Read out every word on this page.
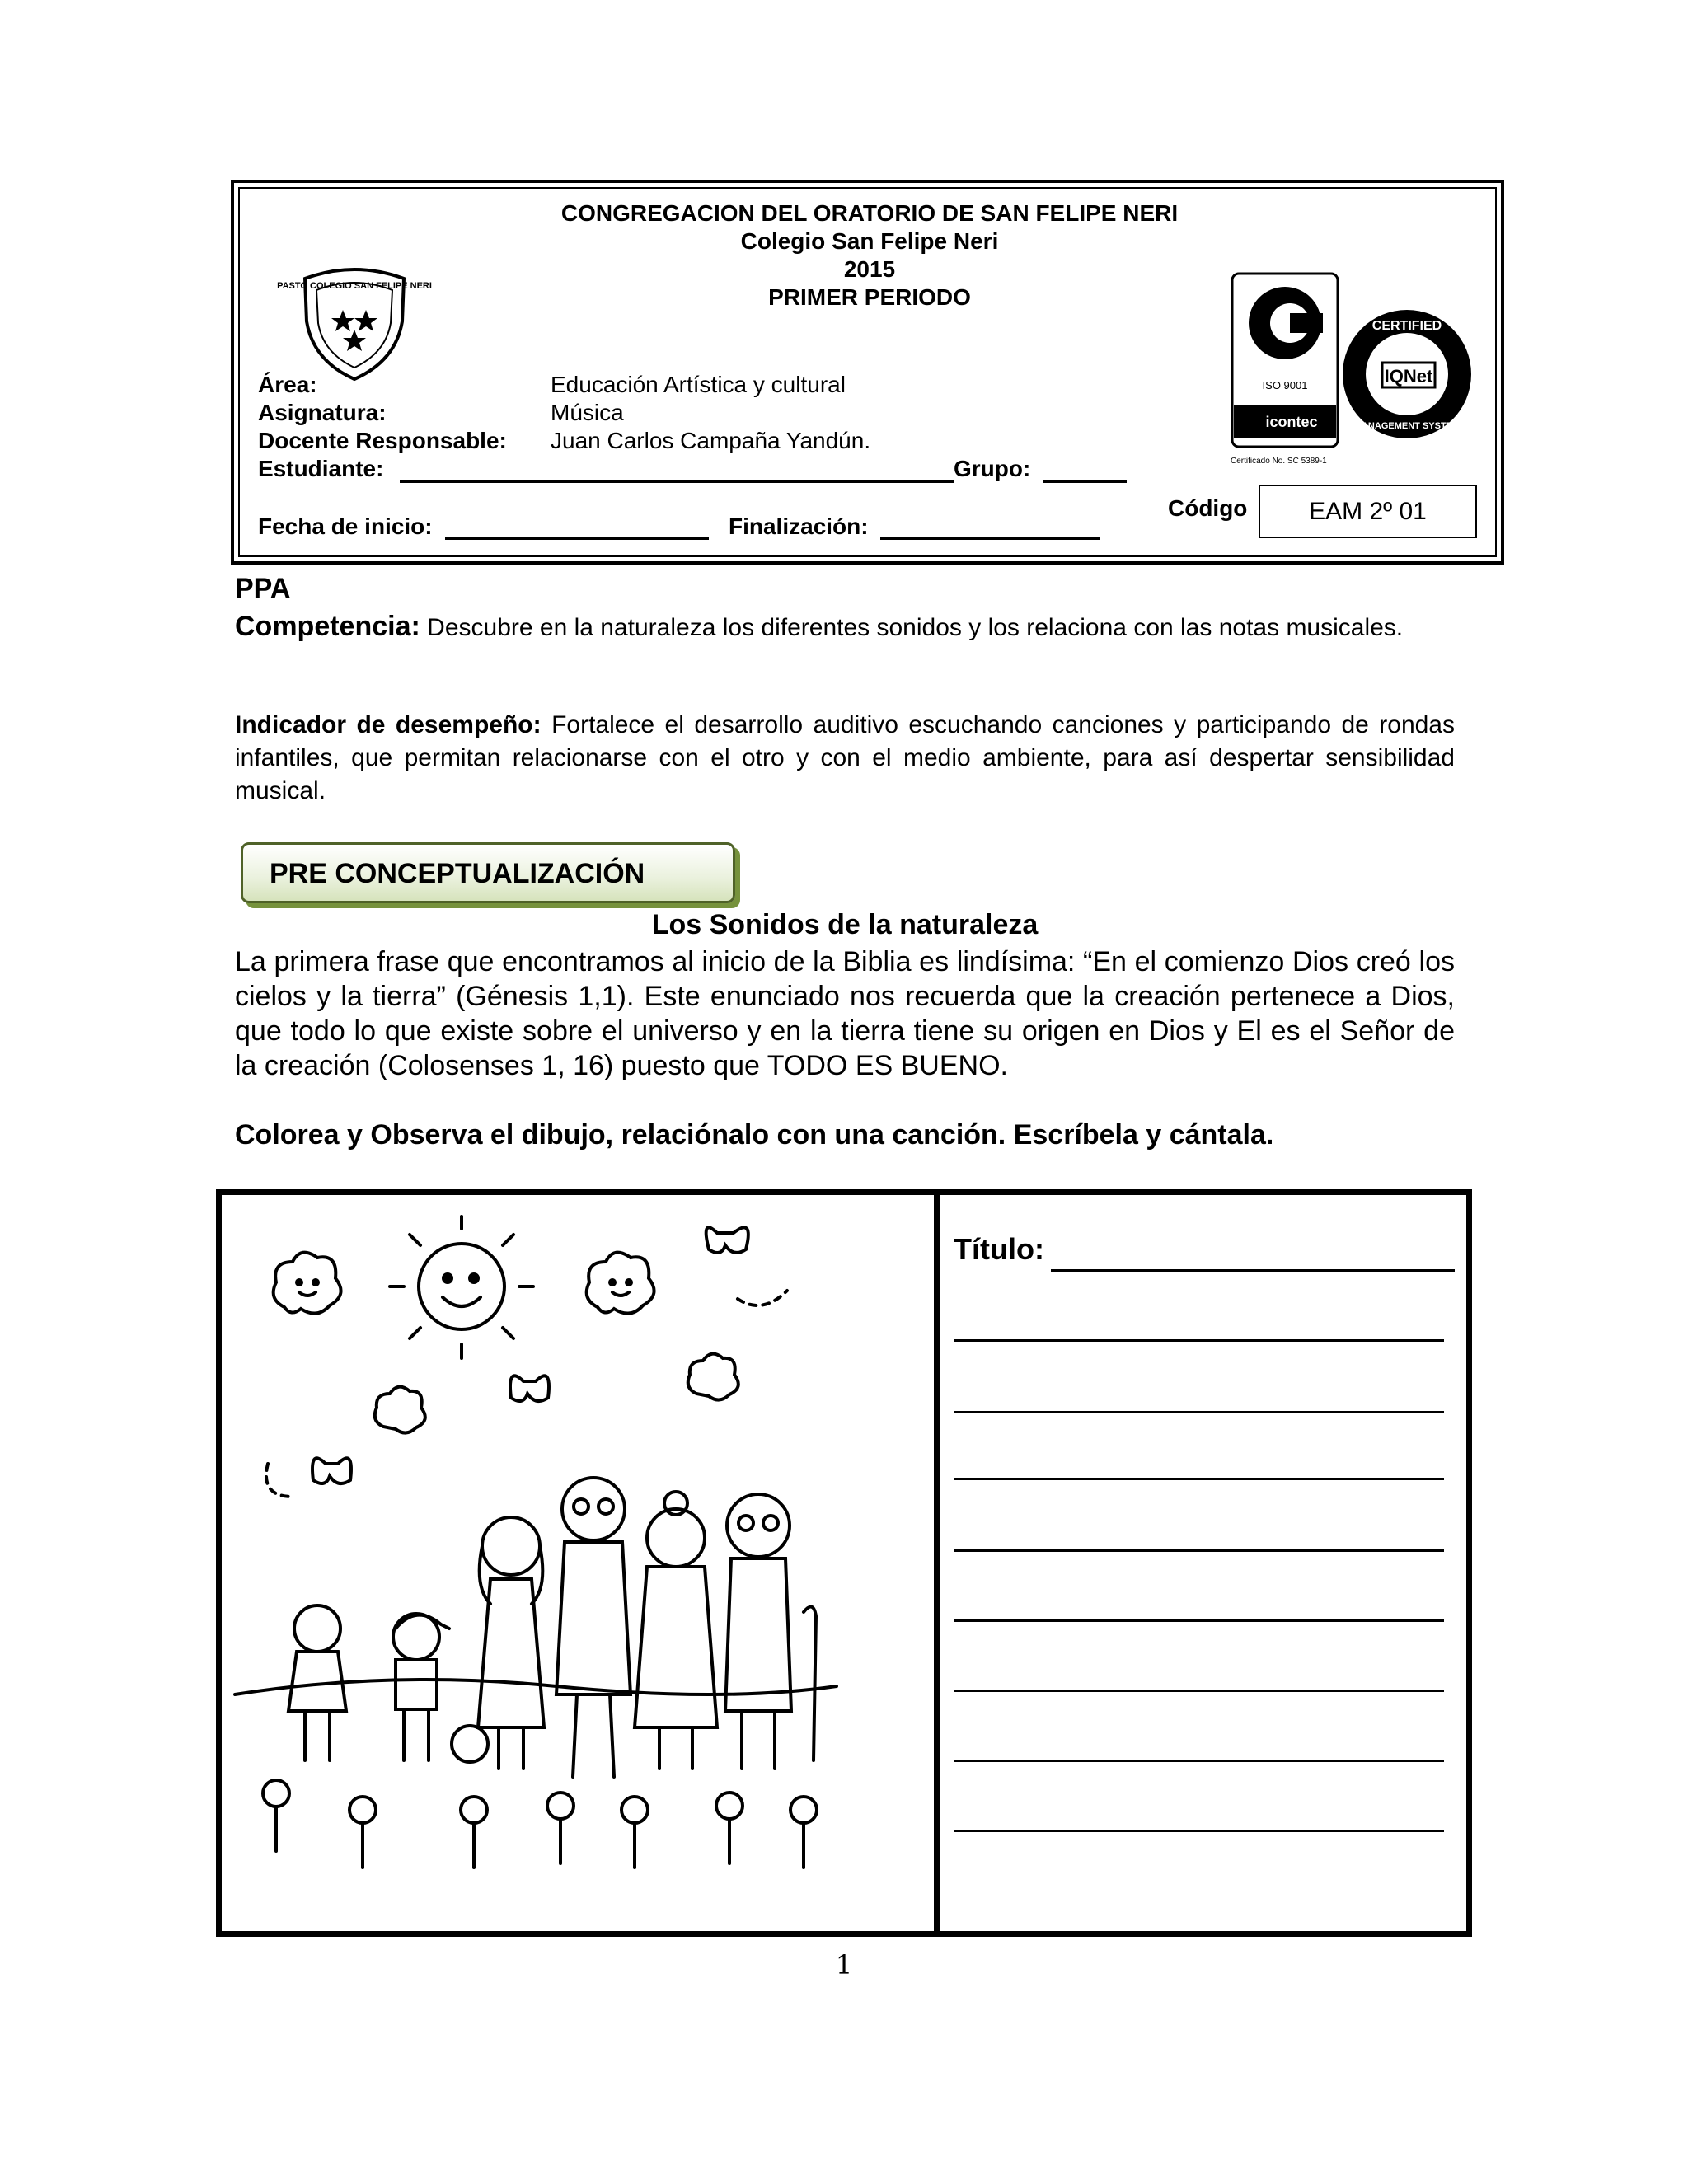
CONGREGACION DEL ORATORIO DE SAN FELIPE NERI
Colegio San Felipe Neri
2015
PRIMER PERIODO
PASTO COLEGIO SAN FELIPE NERI
Área:	Educación Artística y cultural
Asignatura:	Música
Docente Responsable: Juan Carlos Campaña Yandún.
Estudiante:	Grupo:
Fecha de inicio:	Finalización:
Código	EAM 2º 01
ISO 9001
icontec
Certificado No. SC 5389-1
IQNet
CERTIFIED
MANAGEMENT SYSTEM
PPA
Competencia: Descubre en la naturaleza los diferentes sonidos y los relaciona con las notas musicales.
Indicador de desempeño: Fortalece el desarrollo auditivo escuchando canciones y participando de rondas infantiles, que permitan relacionarse con el otro y con el medio ambiente, para así despertar sensibilidad musical.
PRE CONCEPTUALIZACIÓN
Los Sonidos de la naturaleza
La primera frase que encontramos al inicio de la Biblia es lindísima: “En el comienzo Dios creó los cielos y la tierra” (Génesis 1,1). Este enunciado nos recuerda que la creación pertenece a Dios, que todo lo que existe sobre el universo y en la tierra tiene su origen en Dios y El es el Señor de la creación (Colosenses 1, 16) puesto que TODO ES BUENO.
Colorea y Observa el dibujo, relaciónalo con una canción. Escríbela y cántala.
Título:
1
